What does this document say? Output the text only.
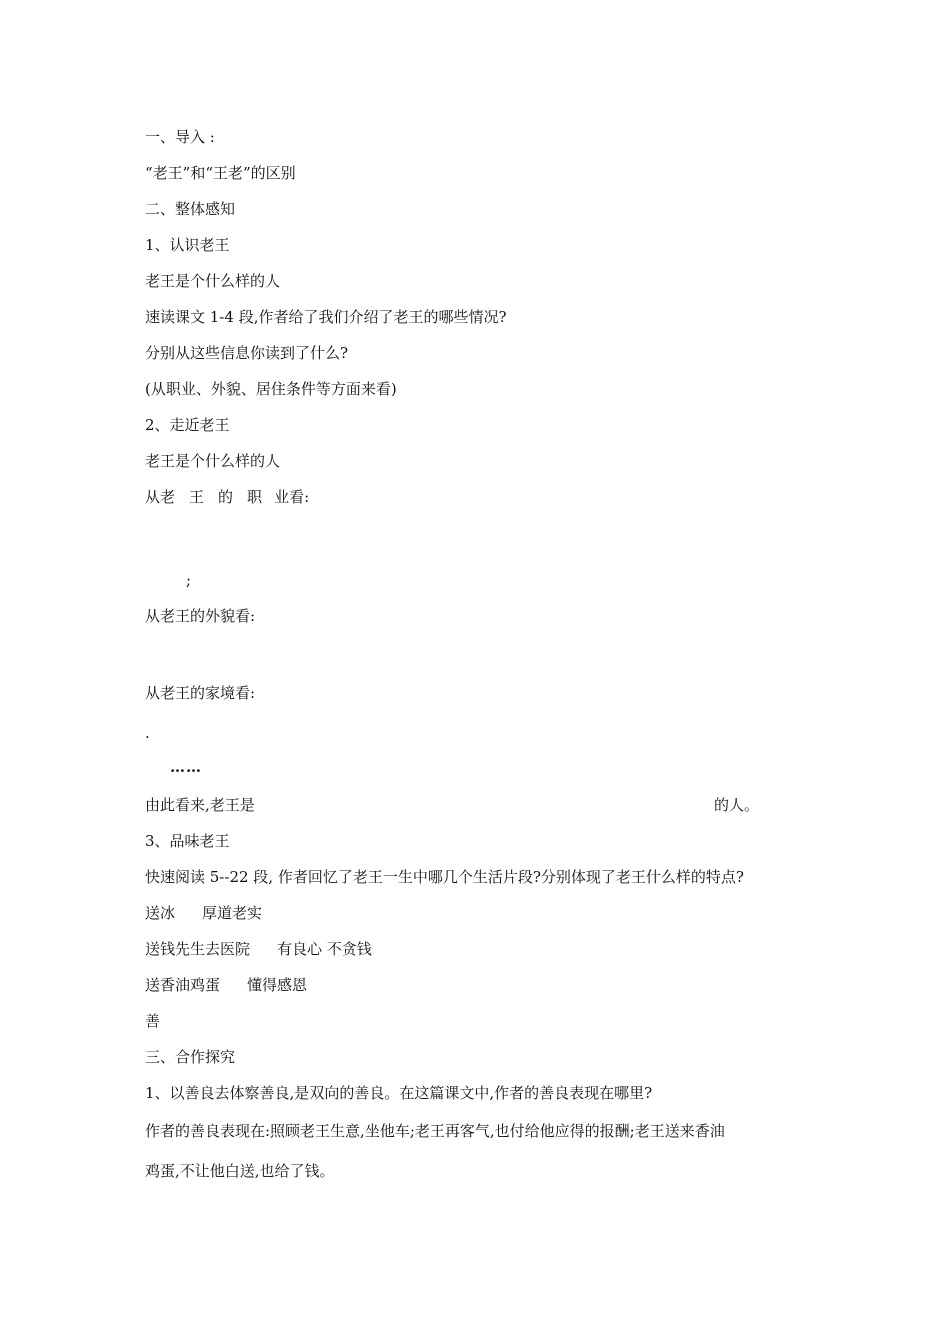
一、导入 :
“老王”和“王老”的区别
二、整体感知
1、认识老王
老王是个什么样的人
速读课文 1-4 段,作者给了我们介绍了老王的哪些情况?
分别从这些信息你读到了什么?
(从职业、外貌、居住条件等方面来看)
2、走近老王
老王是个什么样的人
从老 王 的 职 业看:
;
从老王的外貌看:
从老王的家境看:
.
……
由此看来,老王是	的人。
3、品味老王
快速阅读 5--22 段, 作者回忆了老王一生中哪几个生活片段?分别体现了老王什么样的特点?
送冰 厚道老实
送钱先生去医院 有良心 不贪钱
送香油鸡蛋 懂得感恩
善
三、合作探究
1、以善良去体察善良,是双向的善良。在这篇课文中,作者的善良表现在哪里?
作者的善良表现在:照顾老王生意,坐他车;老王再客气,也付给他应得的报酬;老王送来香油
鸡蛋,不让他白送,也给了钱。
